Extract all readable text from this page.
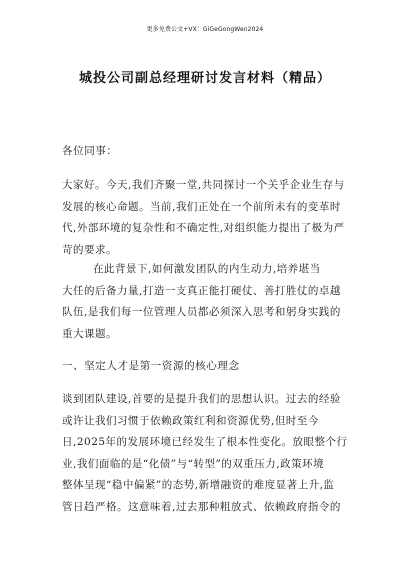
更多免费公文+VX：GiGeGongWen2024
城投公司副总经理研讨发言材料（精品）
各位同事：

大家好。今天,我们齐聚一堂,共同探讨一个关乎企业生存与
发展的核心命题。当前,我们正处在一个前所未有的变革时
代,外部环境的复杂性和不确定性,对组织能力提出了极为严
苛的要求。

在此背景下,如何激发团队的内生动力,培养堪当
大任的后备力量,打造一支真正能打硬仗、善打胜仗的卓越
队伍,是我们每一位管理人员都必须深入思考和躬身实践的
重大课题。

一、坚定人才是第一资源的核心理念

谈到团队建设,首要的是提升我们的思想认识。过去的经验
或许让我们习惯于依赖政策红利和资源优势,但时至今
日,2025年的发展环境已经发生了根本性变化。放眼整个行
业,我们面临的是“化债”与“转型”的双重压力,政策环境
整体呈现“稳中偏紧”的态势,新增融资的难度显著上升,监
管日趋严格。这意味着,过去那种粗放式、依赖政府指令的
